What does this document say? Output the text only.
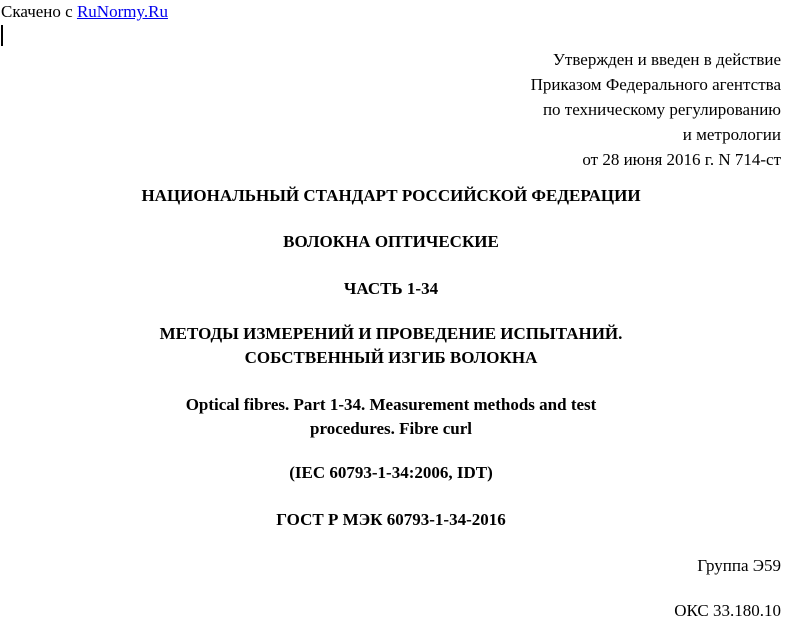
Скачено с RuNormy.Ru
Утвержден и введен в действие
Приказом Федерального агентства
по техническому регулированию
и метрологии
от 28 июня 2016 г. N 714-ст
НАЦИОНАЛЬНЫЙ СТАНДАРТ РОССИЙСКОЙ ФЕДЕРАЦИИ
ВОЛОКНА ОПТИЧЕСКИЕ
ЧАСТЬ 1-34
МЕТОДЫ ИЗМЕРЕНИЙ И ПРОВЕДЕНИЕ ИСПЫТАНИЙ.
СОБСТВЕННЫЙ ИЗГИБ ВОЛОКНА
Optical fibres. Part 1-34. Measurement methods and test
procedures. Fibre curl
(IEC 60793-1-34:2006, IDT)
ГОСТ Р МЭК 60793-1-34-2016
Группа Э59
ОКС 33.180.10
